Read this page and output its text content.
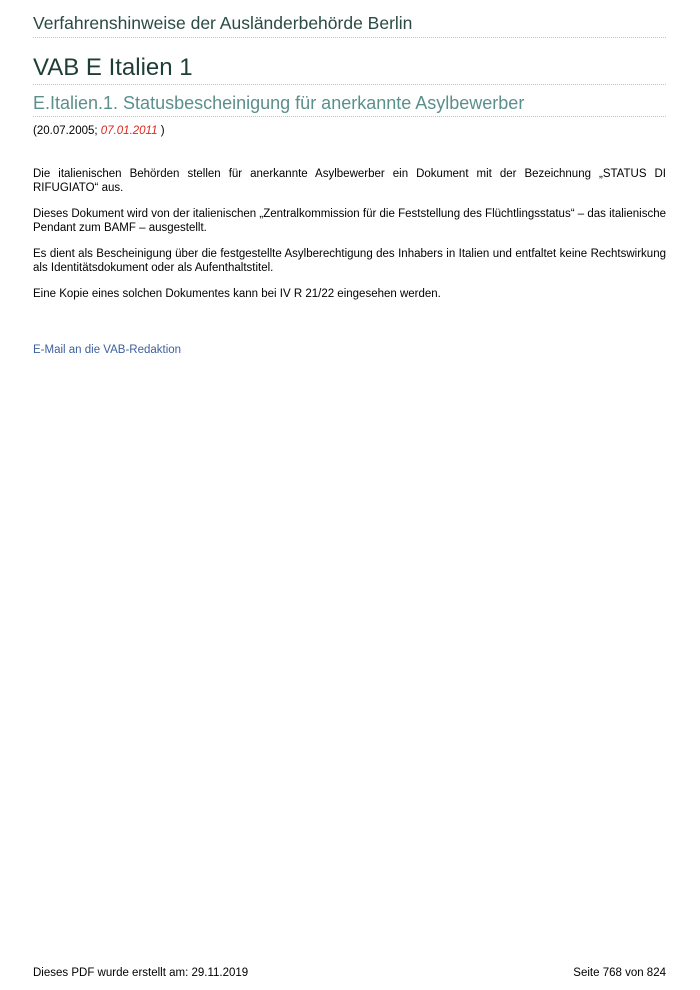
Verfahrenshinweise der Ausländerbehörde Berlin
VAB E Italien 1
E.Italien.1. Statusbescheinigung für anerkannte Asylbewerber
(20.07.2005; 07.01.2011 )

Die italienischen Behörden stellen für anerkannte Asylbewerber ein Dokument mit der Bezeichnung „STATUS DI RIFUGIATO“ aus.

Dieses Dokument wird von der italienischen „Zentralkommission für die Feststellung des Flüchtlingsstatus“ – das italienische Pendant zum BAMF – ausgestellt.

Es dient als Bescheinigung über die festgestellte Asylberechtigung des Inhabers in Italien und entfaltet keine Rechtswirkung als Identitätsdokument oder als Aufenthaltstitel.

Eine Kopie eines solchen Dokumentes kann bei IV R 21/22 eingesehen werden.

E-Mail an die VAB-Redaktion
Dieses PDF wurde erstellt am: 29.11.2019	Seite 768 von 824
